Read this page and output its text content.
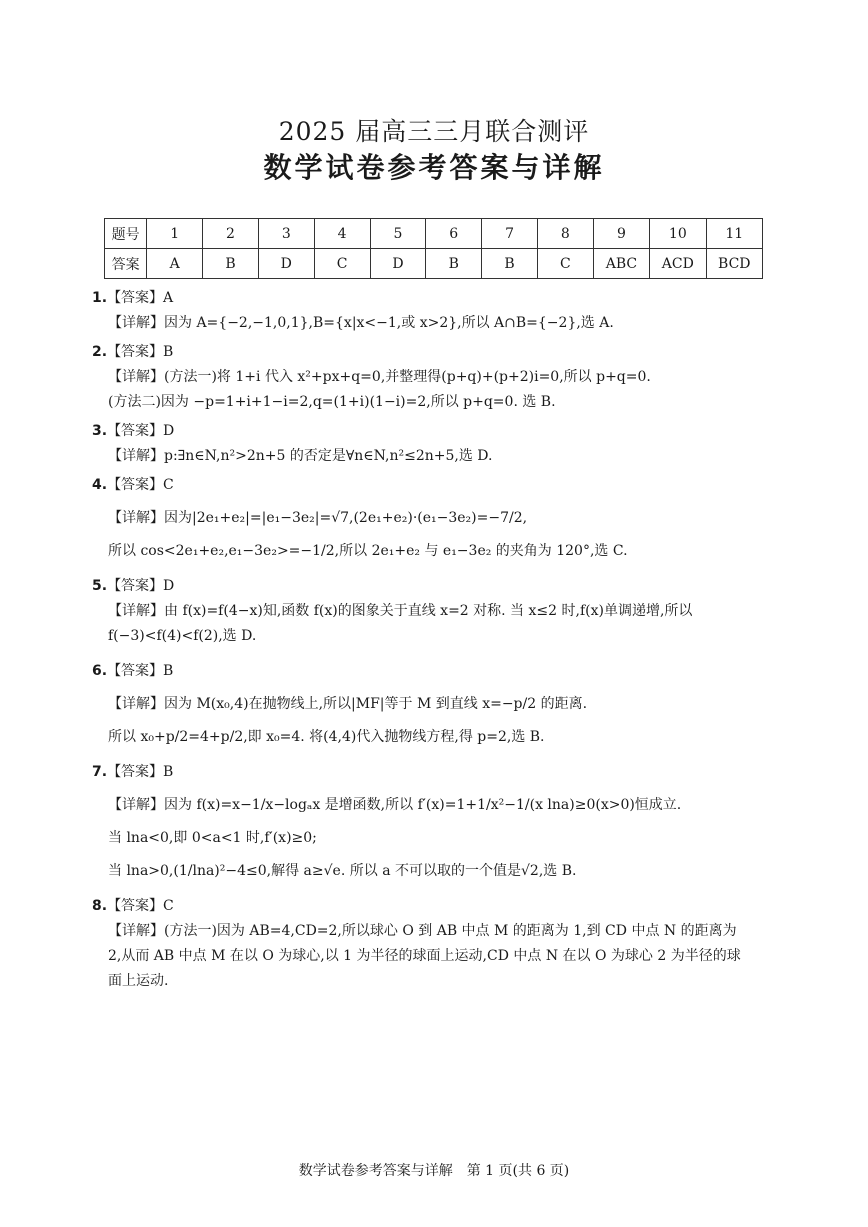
2025 届高三三月联合测评
数学试卷参考答案与详解
题号	1	2	3	4	5	6	7	8	9	10	11
答案	A	B	D	C	D	B	B	C	ABC	ACD	BCD
1.【答案】A
【详解】因为 A={−2,−1,0,1},B={x|x<−1,或 x>2},所以 A∩B={−2},选 A.
2.【答案】B
【详解】(方法一)将 1+i 代入 x²+px+q=0,并整理得(p+q)+(p+2)i=0,所以 p+q=0.
(方法二)因为 −p=1+i+1−i=2,q=(1+i)(1−i)=2,所以 p+q=0. 选 B.
3.【答案】D
【详解】p:∃n∈N,n²>2n+5 的否定是∀n∈N,n²≤2n+5,选 D.
4.【答案】C
【详解】因为|2e₁+e₂|=|e₁−3e₂|=√7,(2e₁+e₂)·(e₁−3e₂)=−7/2,
所以 cos<2e₁+e₂,e₁−3e₂>=−1/2,所以 2e₁+e₂ 与 e₁−3e₂ 的夹角为 120°,选 C.
5.【答案】D
【详解】由 f(x)=f(4−x)知,函数 f(x)的图象关于直线 x=2 对称. 当 x≤2 时,f(x)单调递增,所以
f(−3)<f(4)<f(2),选 D.
6.【答案】B
【详解】因为 M(x₀,4)在抛物线上,所以|MF|等于 M 到直线 x=−p/2 的距离.
所以 x₀+p/2=4+p/2,即 x₀=4. 将(4,4)代入抛物线方程,得 p=2,选 B.
7.【答案】B
【详解】因为 f(x)=x−1/x−logₐx 是增函数,所以 f′(x)=1+1/x²−1/(x lna)≥0(x>0)恒成立.
当 lna<0,即 0<a<1 时,f′(x)≥0;
当 lna>0,(1/lna)²−4≤0,解得 a≥√e. 所以 a 不可以取的一个值是√2,选 B.
8.【答案】C
【详解】(方法一)因为 AB=4,CD=2,所以球心 O 到 AB 中点 M 的距离为 1,到 CD 中点 N 的距离为
2,从而 AB 中点 M 在以 O 为球心,以 1 为半径的球面上运动,CD 中点 N 在以 O 为球心 2 为半径的球
面上运动.
数学试卷参考答案与详解　第 1 页(共 6 页)
